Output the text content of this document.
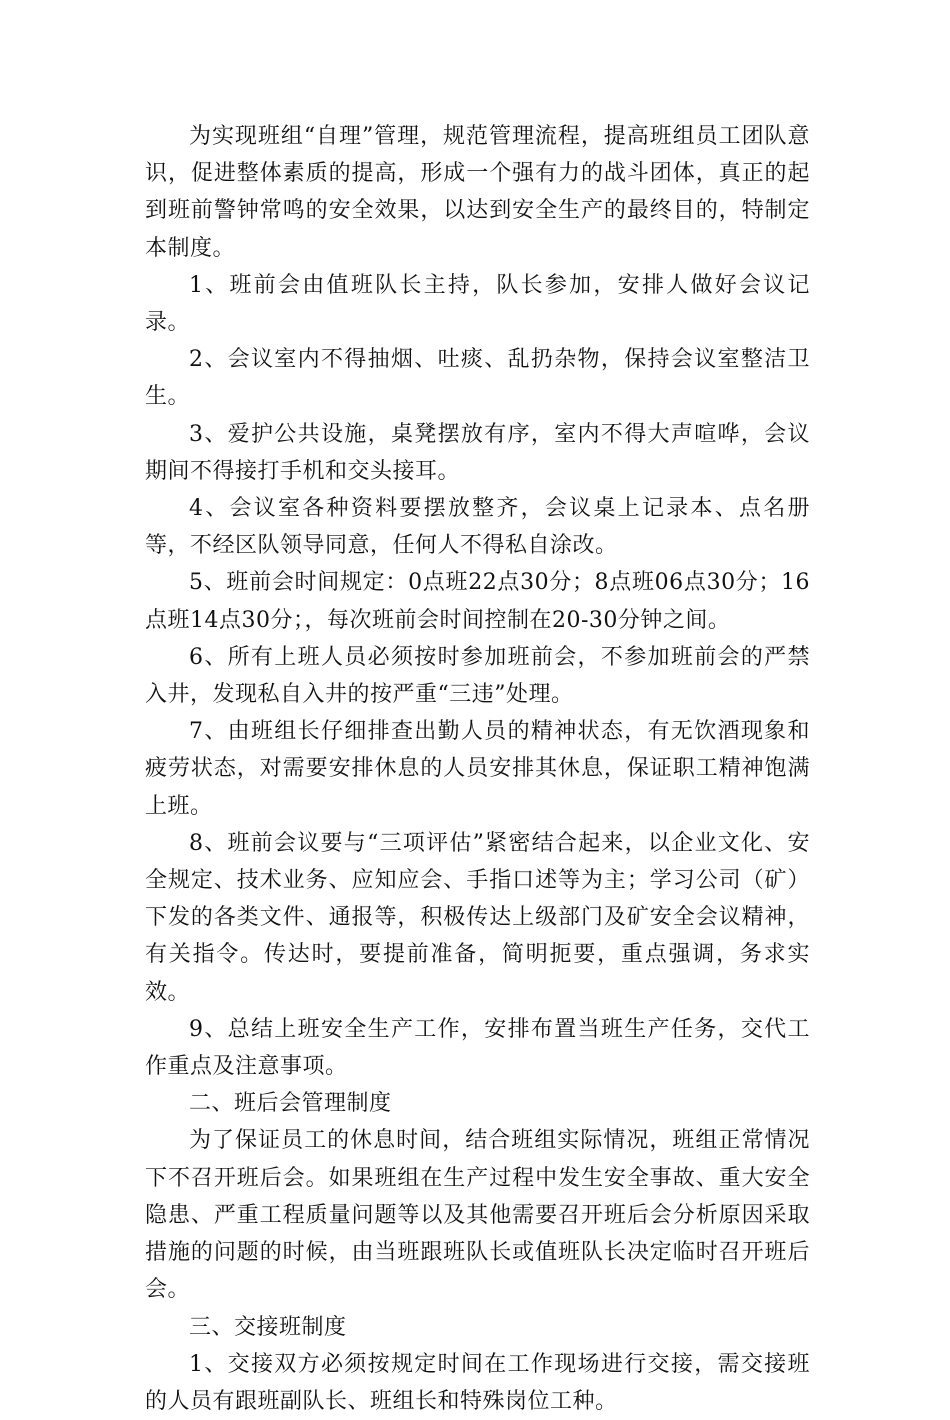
为实现班组“自理”管理，规范管理流程，提高班组员工团队意识，促进整体素质的提高，形成一个强有力的战斗团体，真正的起到班前警钟常鸣的安全效果，以达到安全生产的最终目的，特制定本制度。

1、班前会由值班队长主持，队长参加，安排人做好会议记录。

2、会议室内不得抽烟、吐痰、乱扔杂物，保持会议室整洁卫生。

3、爱护公共设施，桌凳摆放有序，室内不得大声喧哗，会议期间不得接打手机和交头接耳。

4、会议室各种资料要摆放整齐，会议桌上记录本、点名册等，不经区队领导同意，任何人不得私自涂改。

5、班前会时间规定：0点班22点30分；8点班06点30分；16点班14点30分；，每次班前会时间控制在20-30分钟之间。

6、所有上班人员必须按时参加班前会，不参加班前会的严禁入井，发现私自入井的按严重“三违”处理。

7、由班组长仔细排查出勤人员的精神状态，有无饮酒现象和疲劳状态，对需要安排休息的人员安排其休息，保证职工精神饱满上班。

8、班前会议要与“三项评估”紧密结合起来，以企业文化、安全规定、技术业务、应知应会、手指口述等为主；学习公司（矿）下发的各类文件、通报等，积极传达上级部门及矿安全会议精神，有关指令。传达时，要提前准备，简明扼要，重点强调，务求实效。

9、总结上班安全生产工作，安排布置当班生产任务，交代工作重点及注意事项。

二、班后会管理制度

为了保证员工的休息时间，结合班组实际情况，班组正常情况下不召开班后会。如果班组在生产过程中发生安全事故、重大安全隐患、严重工程质量问题等以及其他需要召开班后会分析原因采取措施的问题的时候，由当班跟班队长或值班队长决定临时召开班后会。

三、交接班制度

1、交接双方必须按规定时间在工作现场进行交接，需交接班的人员有跟班副队长、班组长和特殊岗位工种。
